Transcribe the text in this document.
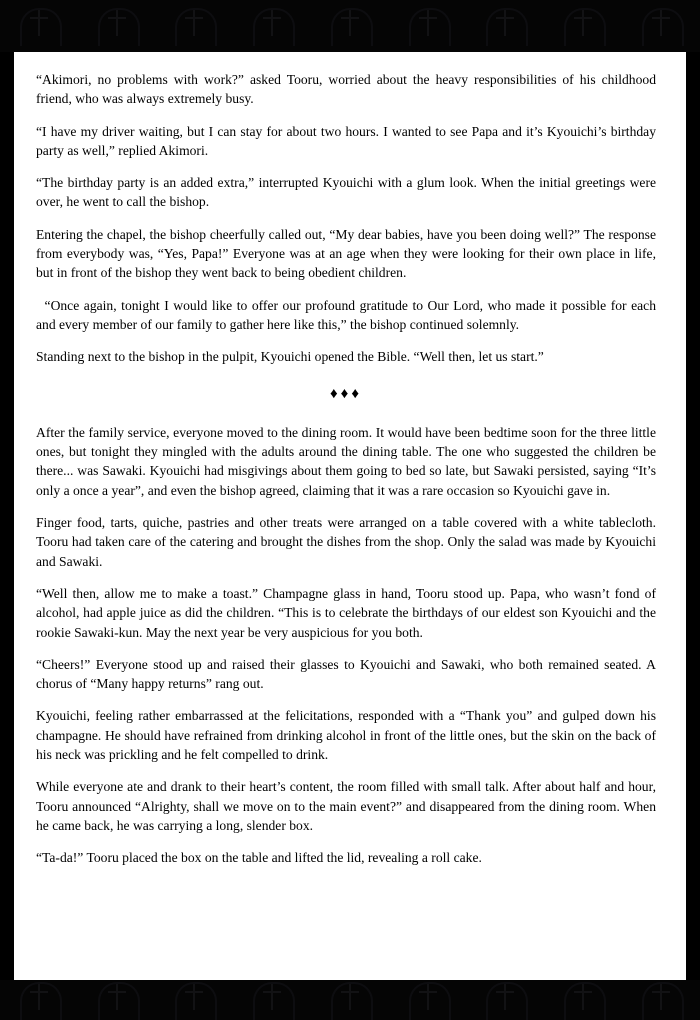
“Akimori, no problems with work?” asked Tooru, worried about the heavy responsibilities of his childhood friend, who was always extremely busy.

“I have my driver waiting, but I can stay for about two hours. I wanted to see Papa and it’s Kyouichi’s birthday party as well,” replied Akimori.

“The birthday party is an added extra,” interrupted Kyouichi with a glum look. When the initial greetings were over, he went to call the bishop.

Entering the chapel, the bishop cheerfully called out, “My dear babies, have you been doing well?” The response from everybody was, “Yes, Papa!” Everyone was at an age when they were looking for their own place in life, but in front of the bishop they went back to being obedient children.

“Once again, tonight I would like to offer our profound gratitude to Our Lord, who made it possible for each and every member of our family to gather here like this,” the bishop continued solemnly.

Standing next to the bishop in the pulpit, Kyouichi opened the Bible. “Well then, let us start.”

♦♦♦

After the family service, everyone moved to the dining room. It would have been bedtime soon for the three little ones, but tonight they mingled with the adults around the dining table. The one who suggested the children be there... was Sawaki. Kyouichi had misgivings about them going to bed so late, but Sawaki persisted, saying “It’s only a once a year”, and even the bishop agreed, claiming that it was a rare occasion so Kyouichi gave in.

Finger food, tarts, quiche, pastries and other treats were arranged on a table covered with a white tablecloth. Tooru had taken care of the catering and brought the dishes from the shop. Only the salad was made by Kyouichi and Sawaki.

“Well then, allow me to make a toast.” Champagne glass in hand, Tooru stood up. Papa, who wasn’t fond of alcohol, had apple juice as did the children. “This is to celebrate the birthdays of our eldest son Kyouichi and the rookie Sawaki-kun. May the next year be very auspicious for you both.

“Cheers!” Everyone stood up and raised their glasses to Kyouichi and Sawaki, who both remained seated. A chorus of “Many happy returns” rang out.

Kyouichi, feeling rather embarrassed at the felicitations, responded with a “Thank you” and gulped down his champagne. He should have refrained from drinking alcohol in front of the little ones, but the skin on the back of his neck was prickling and he felt compelled to drink.

While everyone ate and drank to their heart’s content, the room filled with small talk. After about half and hour, Tooru announced “Alrighty, shall we move on to the main event?” and disappeared from the dining room. When he came back, he was carrying a long, slender box.

“Ta-da!” Tooru placed the box on the table and lifted the lid, revealing a roll cake.
